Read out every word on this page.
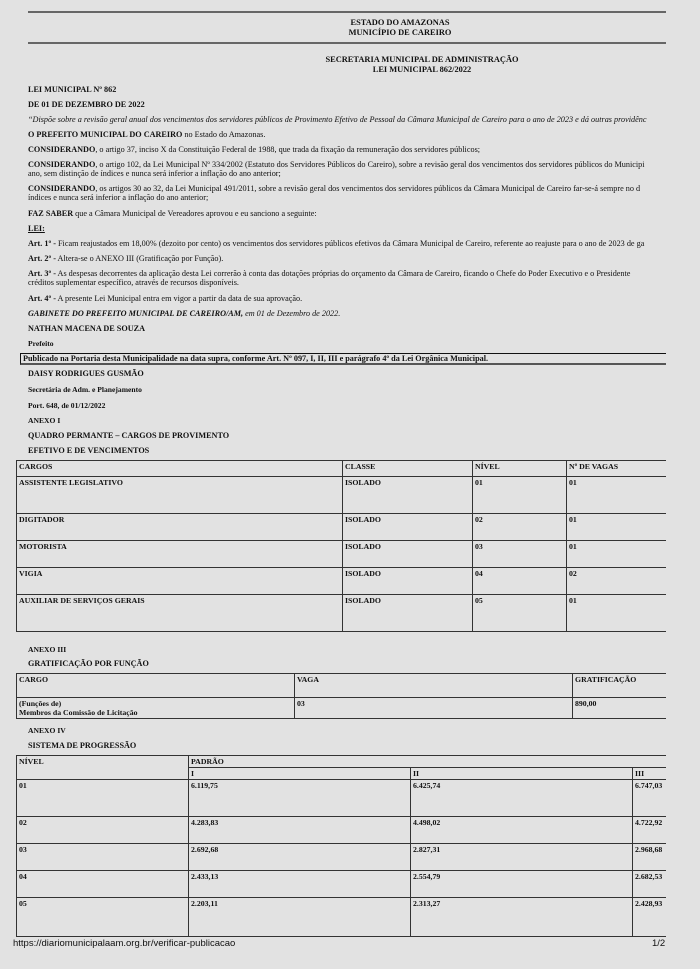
ESTADO DO AMAZONAS
MUNICÍPIO DE CAREIRO
SECRETARIA MUNICIPAL DE ADMINISTRAÇÃO
LEI MUNICIPAL 862/2022
LEI MUNICIPAL Nº 862
DE 01 DE DEZEMBRO DE 2022
“Dispõe sobre a revisão geral anual dos vencimentos dos servidores públicos de Provimento Efetivo de Pessoal da Câmara Municipal de Careiro para o ano de 2023 e dá outras providênc
O PREFEITO MUNICIPAL DO CAREIRO no Estado do Amazonas.
CONSIDERANDO, o artigo 37, inciso X da Constituição Federal de 1988, que trada da fixação da remuneração dos servidores públicos;
CONSIDERANDO, o artigo 102, da Lei Municipal Nº 334/2002 (Estatuto dos Servidores Públicos do Careiro), sobre a revisão geral dos vencimentos dos servidores públicos do Municipi
ano, sem distinção de índices e nunca será inferior a inflação do ano anterior;
CONSIDERANDO, os artigos 30 ao 32, da Lei Municipal 491/2011, sobre a revisão geral dos vencimentos dos servidores públicos da Câmara Municipal de Careiro far-se-á sempre no d
índices e nunca será inferior a inflação do ano anterior;
FAZ SABER que a Câmara Municipal de Vereadores aprovou e eu sanciono a seguinte:
LEI:
Art. 1º - Ficam reajustados em 18,00% (dezoito por cento) os vencimentos dos servidores públicos efetivos da Câmara Municipal de Careiro, referente ao reajuste para o ano de 2023 de ga
Art. 2º - Altera-se o ANEXO III (Gratificação por Função).
Art. 3º - As despesas decorrentes da aplicação desta Lei correrão à conta das dotações próprias do orçamento da Câmara de Careiro, ficando o Chefe do Poder Executivo e o Presidente
créditos suplementar específico, através de recursos disponíveis.
Art. 4º - A presente Lei Municipal entra em vigor a partir da data de sua aprovação.
GABINETE DO PREFEITO MUNICIPAL DE CAREIRO/AM, em 01 de Dezembro de 2022.
NATHAN MACENA DE SOUZA
Prefeito
Publicado na Portaria desta Municipalidade na data supra, conforme Art. Nº 097, I, II, III e parágrafo 4º da Lei Orgânica Municipal.
DAISY RODRIGUES GUSMÃO
Secretária de Adm. e Planejamento
Port. 648, de 01/12/2022
ANEXO I
QUADRO PERMANTE – CARGOS DE PROVIMENTO
EFETIVO E DE VENCIMENTOS
CARGOS	CLASSE	NÍVEL	Nº DE VAGAS
ASSISTENTE LEGISLATIVO	ISOLADO	01	01
DIGITADOR	ISOLADO	02	01
MOTORISTA	ISOLADO	03	01
VIGIA	ISOLADO	04	02
AUXILIAR DE SERVIÇOS GERAIS	ISOLADO	05	01
ANEXO III
GRATIFICAÇÃO POR FUNÇÃO
CARGO	VAGA	GRATIFICAÇÃO

(Funções de)
Membros da Comissão de Licitação	03	890,00
ANEXO IV
SISTEMA DE PROGRESSÃO
NÍVEL	PADRÃO		
	I	II	III
01	6.119,75	6.425,74	6.747,03
02	4.283,83	4.498,02	4.722,92
03	2.692,68	2.827,31	2.968,68
04	2.433,13	2.554,79	2.682,53
05	2.203,11	2.313,27	2.428,93
https://diariomunicipalaam.org.br/verificar-publicacao	1/2
